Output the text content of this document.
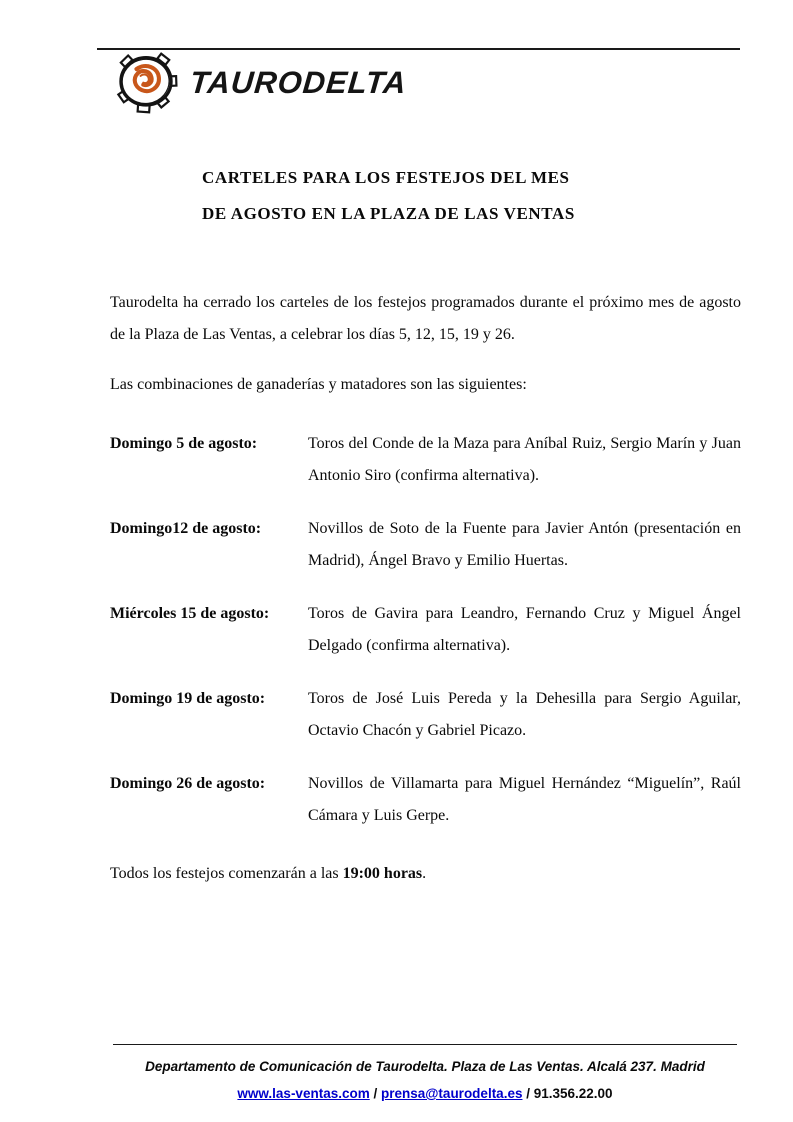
TAURODELTA
CARTELES PARA LOS FESTEJOS DEL MES
DE AGOSTO EN LA PLAZA DE LAS VENTAS
Taurodelta ha cerrado los carteles de los festejos programados durante el próximo mes de agosto de la Plaza de Las Ventas, a celebrar los días 5, 12, 15, 19 y 26.
Las combinaciones de ganaderías y matadores son las siguientes:
Domingo 5 de agosto:	Toros del Conde de la Maza para Aníbal Ruiz, Sergio Marín y Juan Antonio Siro (confirma alternativa).
Domingo12 de agosto:	Novillos de Soto de la Fuente para Javier Antón (presentación en Madrid), Ángel Bravo y Emilio Huertas.
Miércoles 15 de agosto:	Toros de Gavira para Leandro, Fernando Cruz y Miguel Ángel Delgado (confirma alternativa).
Domingo 19 de agosto:	Toros de José Luis Pereda y la Dehesilla para Sergio Aguilar, Octavio Chacón y Gabriel Picazo.
Domingo 26 de agosto:	Novillos de Villamarta para Miguel Hernández “Miguelín”, Raúl Cámara y Luis Gerpe.
Todos los festejos comenzarán a las 19:00 horas.
Departamento de Comunicación de Taurodelta. Plaza de Las Ventas. Alcalá 237. Madrid
www.las-ventas.com / prensa@taurodelta.es / 91.356.22.00
